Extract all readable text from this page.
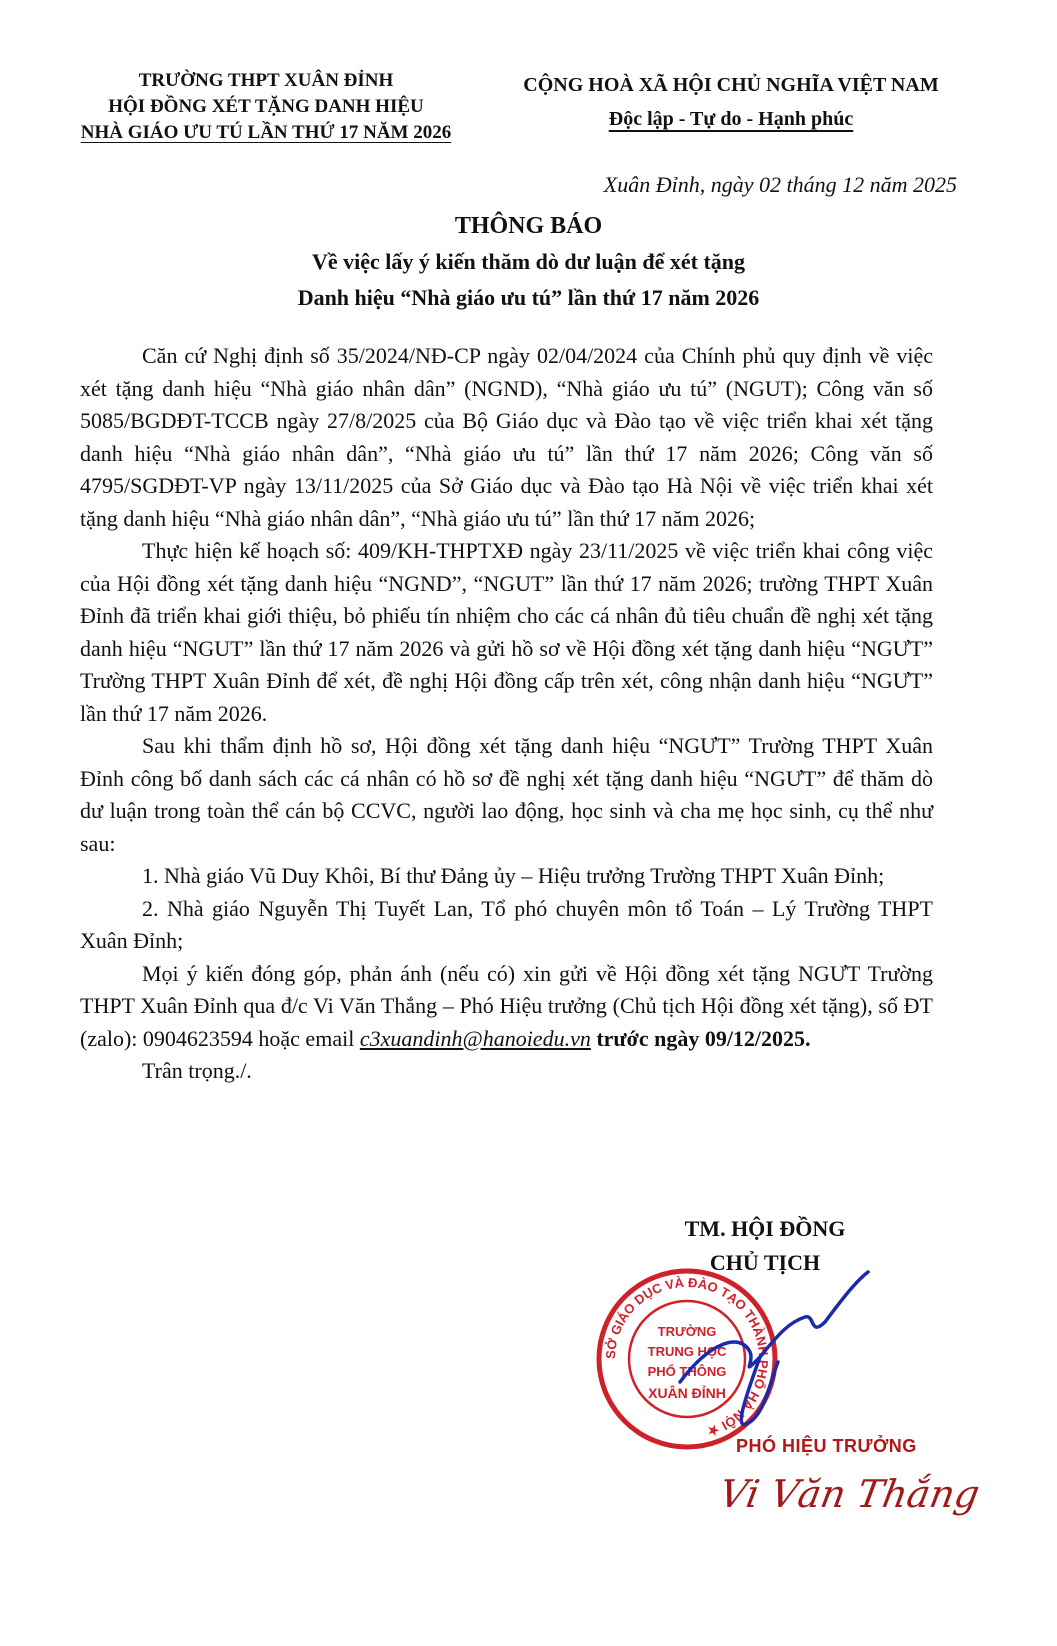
TRƯỜNG THPT XUÂN ĐỈNH
HỘI ĐỒNG XÉT TẶNG DANH HIỆU
NHÀ GIÁO ƯU TÚ LẦN THỨ 17 NĂM 2026
CỘNG HOÀ XÃ HỘI CHỦ NGHĨA VIỆT NAM
Độc lập - Tự do - Hạnh phúc
Xuân Đỉnh, ngày 02 tháng 12 năm 2025
THÔNG BÁO
Về việc lấy ý kiến thăm dò dư luận để xét tặng
Danh hiệu “Nhà giáo ưu tú” lần thứ 17 năm 2026

Căn cứ Nghị định số 35/2024/NĐ-CP ngày 02/04/2024 của Chính phủ quy định về việc xét tặng danh hiệu “Nhà giáo nhân dân” (NGND), “Nhà giáo ưu tú” (NGUT); Công văn số 5085/BGDĐT-TCCB ngày 27/8/2025 của Bộ Giáo dục và Đào tạo về việc triển khai xét tặng danh hiệu “Nhà giáo nhân dân”, “Nhà giáo ưu tú” lần thứ 17 năm 2026; Công văn số 4795/SGDĐT-VP ngày 13/11/2025 của Sở Giáo dục và Đào tạo Hà Nội về việc triển khai xét tặng danh hiệu “Nhà giáo nhân dân”, “Nhà giáo ưu tú” lần thứ 17 năm 2026;

Thực hiện kế hoạch số: 409/KH-THPTXĐ ngày 23/11/2025 về việc triển khai công việc của Hội đồng xét tặng danh hiệu “NGND”, “NGUT” lần thứ 17 năm 2026; trường THPT Xuân Đỉnh đã triển khai giới thiệu, bỏ phiếu tín nhiệm cho các cá nhân đủ tiêu chuẩn đề nghị xét tặng danh hiệu “NGUT” lần thứ 17 năm 2026 và gửi hồ sơ về Hội đồng xét tặng danh hiệu “NGƯT” Trường THPT Xuân Đỉnh để xét, đề nghị Hội đồng cấp trên xét, công nhận danh hiệu “NGƯT” lần thứ 17 năm 2026.

Sau khi thẩm định hồ sơ, Hội đồng xét tặng danh hiệu “NGƯT” Trường THPT Xuân Đỉnh công bố danh sách các cá nhân có hồ sơ đề nghị xét tặng danh hiệu “NGƯT” để thăm dò dư luận trong toàn thể cán bộ CCVC, người lao động, học sinh và cha mẹ học sinh, cụ thể như sau:

1. Nhà giáo Vũ Duy Khôi, Bí thư Đảng ủy – Hiệu trưởng Trường THPT Xuân Đỉnh;

2. Nhà giáo Nguyễn Thị Tuyết Lan, Tổ phó chuyên môn tổ Toán – Lý Trường THPT Xuân Đỉnh;

Mọi ý kiến đóng góp, phản ánh (nếu có) xin gửi về Hội đồng xét tặng NGƯT Trường THPT Xuân Đỉnh qua đ/c Vi Văn Thắng – Phó Hiệu trưởng (Chủ tịch Hội đồng xét tặng), số ĐT (zalo): 0904623594 hoặc email c3xuandinh@hanoiedu.vn trước ngày 09/12/2025.

Trân trọng./.

TM. HỘI ĐỒNG
CHỦ TỊCH
SỞ GIÁO DỤC VÀ ĐÀO TẠO THÀNH PHỐ HÀ NỘI ★
TRƯỜNG
TRUNG HỌC
PHỔ THÔNG
XUÂN ĐỈNH
PHÓ HIỆU TRƯỞNG
Vi Văn Thắng
